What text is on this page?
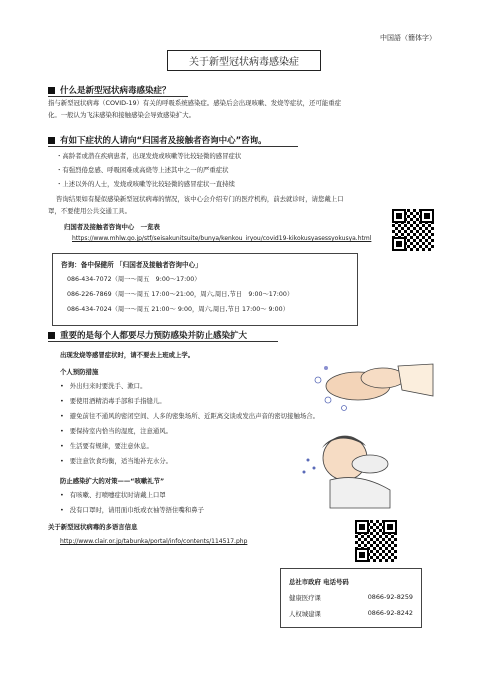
中国語（簡体字）
关于新型冠状病毒感染症
什么是新型冠状病毒感染症？
指与新型冠状病毒（COVID-19）有关的呼吸系统感染症。感染后会出现咳嗽、发烧等症状，还可能重症
化。一般认为飞沫感染和接触感染会导致感染扩大。
有如下症状的人请向“归国者及接触者咨询中心”咨询。
・高龄者或潜在疾病患者，出现发烧或咳嗽等比较轻微的感冒症状
・有强烈倦怠感、呼吸困难或高烧等上述其中之一的严重症状
・上述以外的人士，发烧或咳嗽等比较轻微的感冒症状一直持续
咨询结果如有疑似感染新型冠状病毒的情况，该中心会介绍专门的医疗机构，前去就诊时，请您戴上口
罩，不要使用公共交通工具。
归国者及接触者咨询中心　一览表
https://www.mhlw.go.jp/stf/seisakunitsuite/bunya/kenkou_iryou/covid19-kikokusyasessyokusya.html
咨询：备中保健所 「归国者及接触者咨询中心」
086-434-7072（周一～周五　9:00～17:00）
086-226-7869（周一～周五 17:00～21:00，周六,周日,节日　9:00～17:00）
086-434-7024（周一～周五 21:00～ 9:00，周六,周日,节日 17:00～ 9:00）
重要的是每个人都要尽力预防感染并防止感染扩大
出现发烧等感冒症状时，请不要去上班或上学。
个人预防措施
• 外出归来时要洗手、漱口。
• 要使用酒精消毒手部和手指缝儿。
• 避免前往不通风的密闭空间、人多的密集场所、近距离交谈或发出声音的密切接触场合。
• 要保持室内恰当的湿度，注意通风。
• 生活要有规律，要注意休息。
• 要注意饮食均衡，适当地补充水分。
防止感染扩大的对策——“咳嗽礼节”
• 有咳嗽、打喷嚏症状时请戴上口罩
• 没有口罩时，请用面巾纸或衣袖等捂住嘴和鼻子
关于新型冠状病毒的多语言信息
http://www.clair.or.jp/tabunka/portal/info/contents/114517.php
总社市政府 电话号码
健康医疗课	0866-92-8259
人权城建课	0866-92-8242
